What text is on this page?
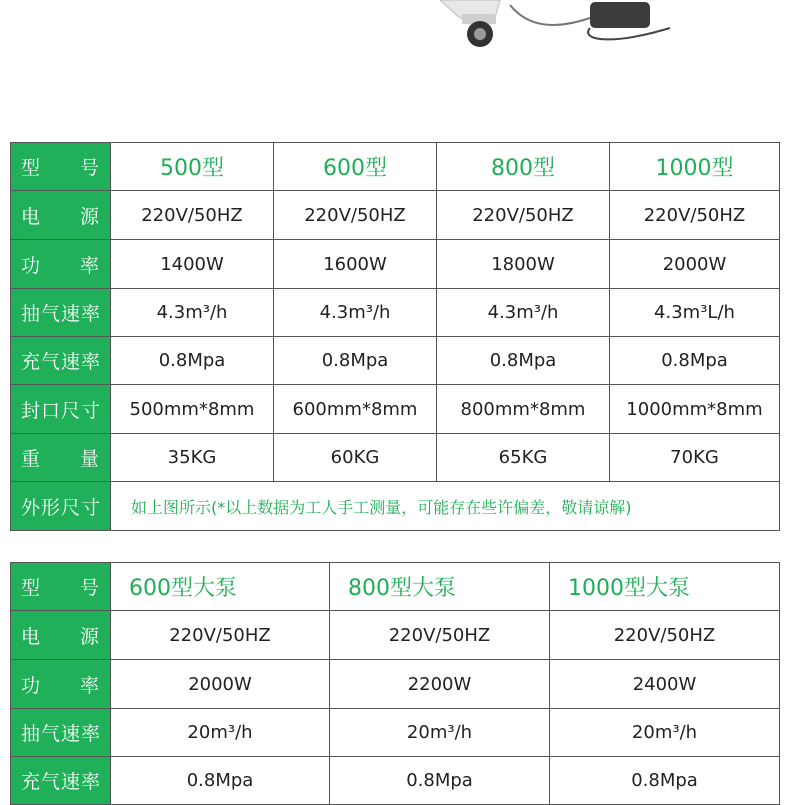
型 号	500型	600型	800型	1000型

电 源	220V/50HZ	220V/50HZ	220V/50HZ	220V/50HZ

功 率	1400W	1600W	1800W	2000W

抽气速率	4.3m³/h	4.3m³/h	4.3m³/h	4.3m³L/h

充气速率	0.8Mpa	0.8Mpa	0.8Mpa	0.8Mpa

封口尺寸	500mm*8mm	600mm*8mm	800mm*8mm	1000mm*8mm

重 量	35KG	60KG	65KG	70KG

外形尺寸	如上图所示(*以上数据为工人手工测量，可能存在些许偏差，敬请谅解)			
型 号	600型大泵	800型大泵	1000型大泵

电 源	220V/50HZ	220V/50HZ	220V/50HZ

功 率	2000W	2200W	2400W

抽气速率	20m³/h	20m³/h	20m³/h

充气速率	0.8Mpa	0.8Mpa	0.8Mpa
